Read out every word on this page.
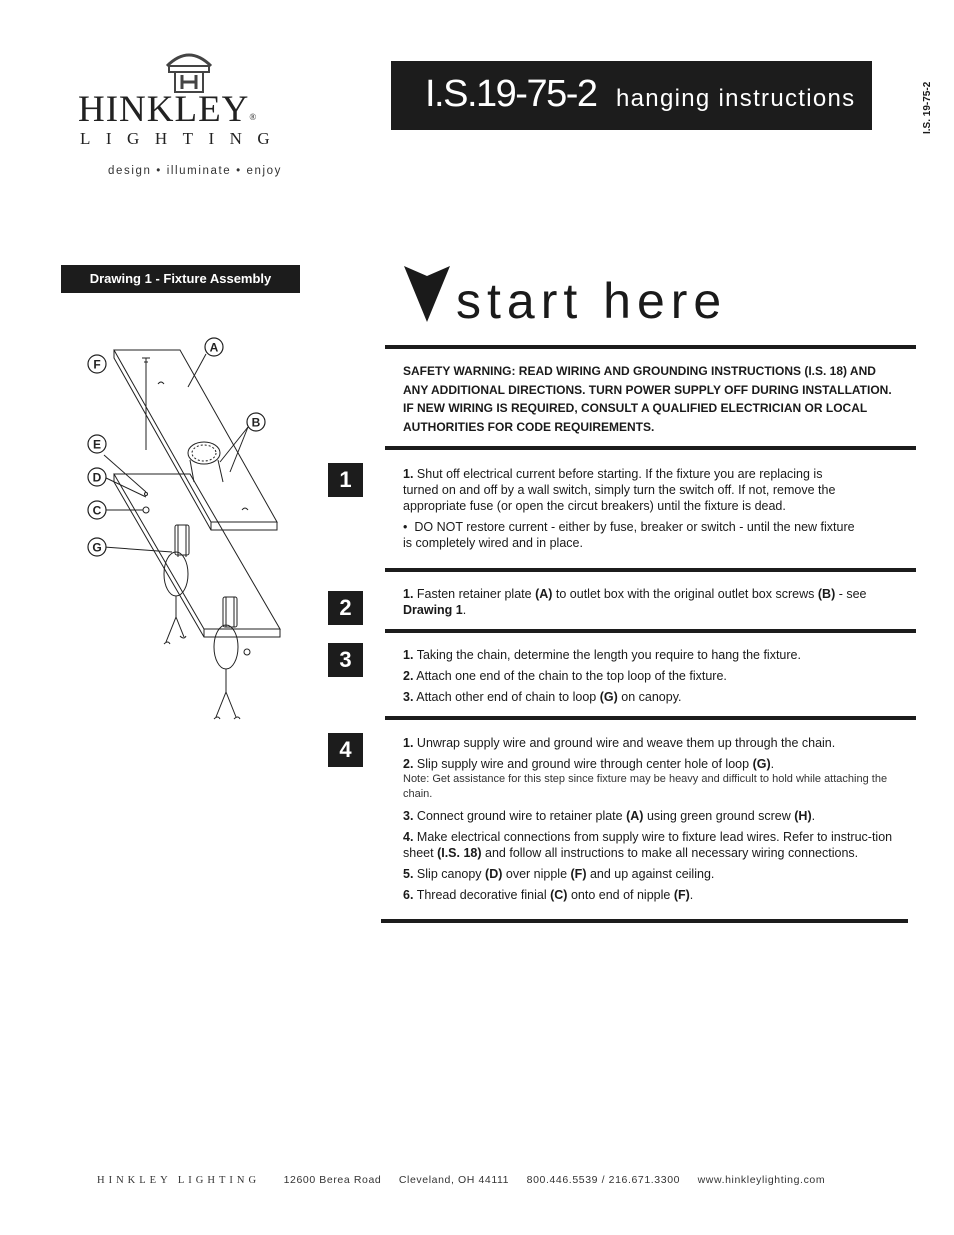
HINKLEY®
LIGHTING
design • illuminate • enjoy
I.S.19-75-2 hanging instructions	I.S. 19-75-2
Drawing 1 - Fixture Assembly
A
B
C
D
E
F
G
start here
SAFETY WARNING: READ WIRING AND GROUNDING INSTRUCTIONS (I.S. 18) AND ANY ADDITIONAL DIRECTIONS. TURN POWER SUPPLY OFF DURING INSTALLATION. IF NEW WIRING IS REQUIRED, CONSULT A QUALIFIED ELECTRICIAN OR LOCAL AUTHORITIES FOR CODE REQUIREMENTS.
1
2
3
4

1. Shut off electrical current before starting. If the fixture you are replacing is turned on and off by a wall switch, simply turn the switch off. If not, remove the appropriate fuse (or open the circut breakers) until the fixture is dead.

• DO NOT restore current - either by fuse, breaker or switch - until the new fixture is completely wired and in place.

1. Fasten retainer plate (A) to outlet box with the original outlet box screws (B) - see
Drawing 1.

1. Taking the chain, determine the length you require to hang the fixture.

2. Attach one end of the chain to the top loop of the fixture.

3. Attach other end of chain to loop (G) on canopy.

1. Unwrap supply wire and ground wire and weave them up through the chain.

2. Slip supply wire and ground wire through center hole of loop (G).

Note: Get assistance for this step since fixture may be heavy and difficult to hold while attaching the chain.

3. Connect ground wire to retainer plate (A) using green ground screw (H).

4. Make electrical connections from supply wire to fixture lead wires. Refer to instruc-tion sheet (I.S. 18) and follow all instructions to make all necessary wiring connections.

5. Slip canopy (D) over nipple (F) and up against ceiling.

6. Thread decorative finial (C) onto end of nipple (F).

HINKLEY LIGHTING 12600 Berea Road Cleveland, OH 44111 800.446.5539 / 216.671.3300 www.hinkleylighting.com
